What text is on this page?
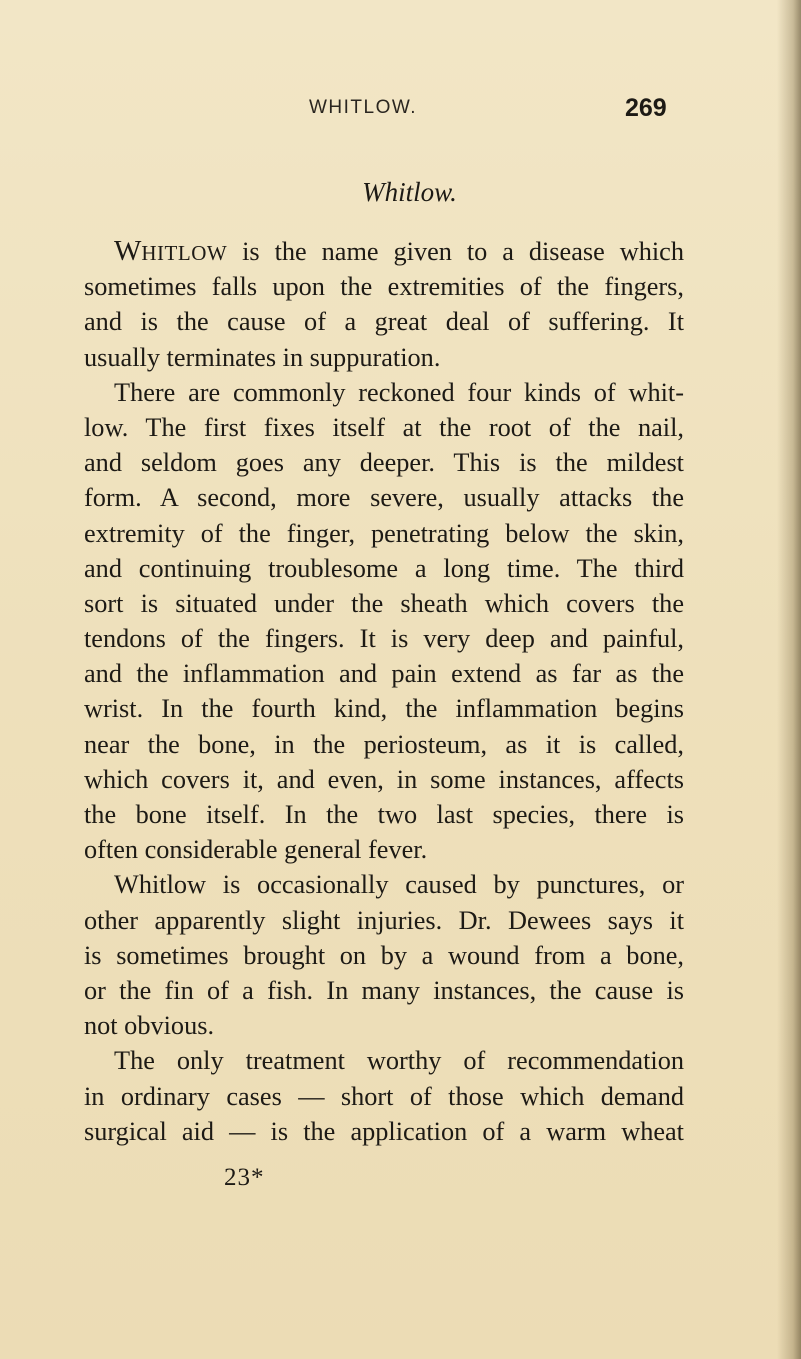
WHITLOW.	269
Whitlow.
WHITLOW is the name given to a disease which
sometimes falls upon the extremities of the fingers,
and is the cause of a great deal of suffering. It
usually terminates in suppuration.
There are commonly reckoned four kinds of whit-
low. The first fixes itself at the root of the nail,
and seldom goes any deeper. This is the mildest
form. A second, more severe, usually attacks the
extremity of the finger, penetrating below the skin,
and continuing troublesome a long time. The third
sort is situated under the sheath which covers the
tendons of the fingers. It is very deep and painful,
and the inflammation and pain extend as far as the
wrist. In the fourth kind, the inflammation begins
near the bone, in the periosteum, as it is called,
which covers it, and even, in some instances, affects
the bone itself. In the two last species, there is
often considerable general fever.
Whitlow is occasionally caused by punctures, or
other apparently slight injuries. Dr. Dewees says it
is sometimes brought on by a wound from a bone,
or the fin of a fish. In many instances, the cause is
not obvious.
The only treatment worthy of recommendation
in ordinary cases — short of those which demand
surgical aid — is the application of a warm wheat
23*
